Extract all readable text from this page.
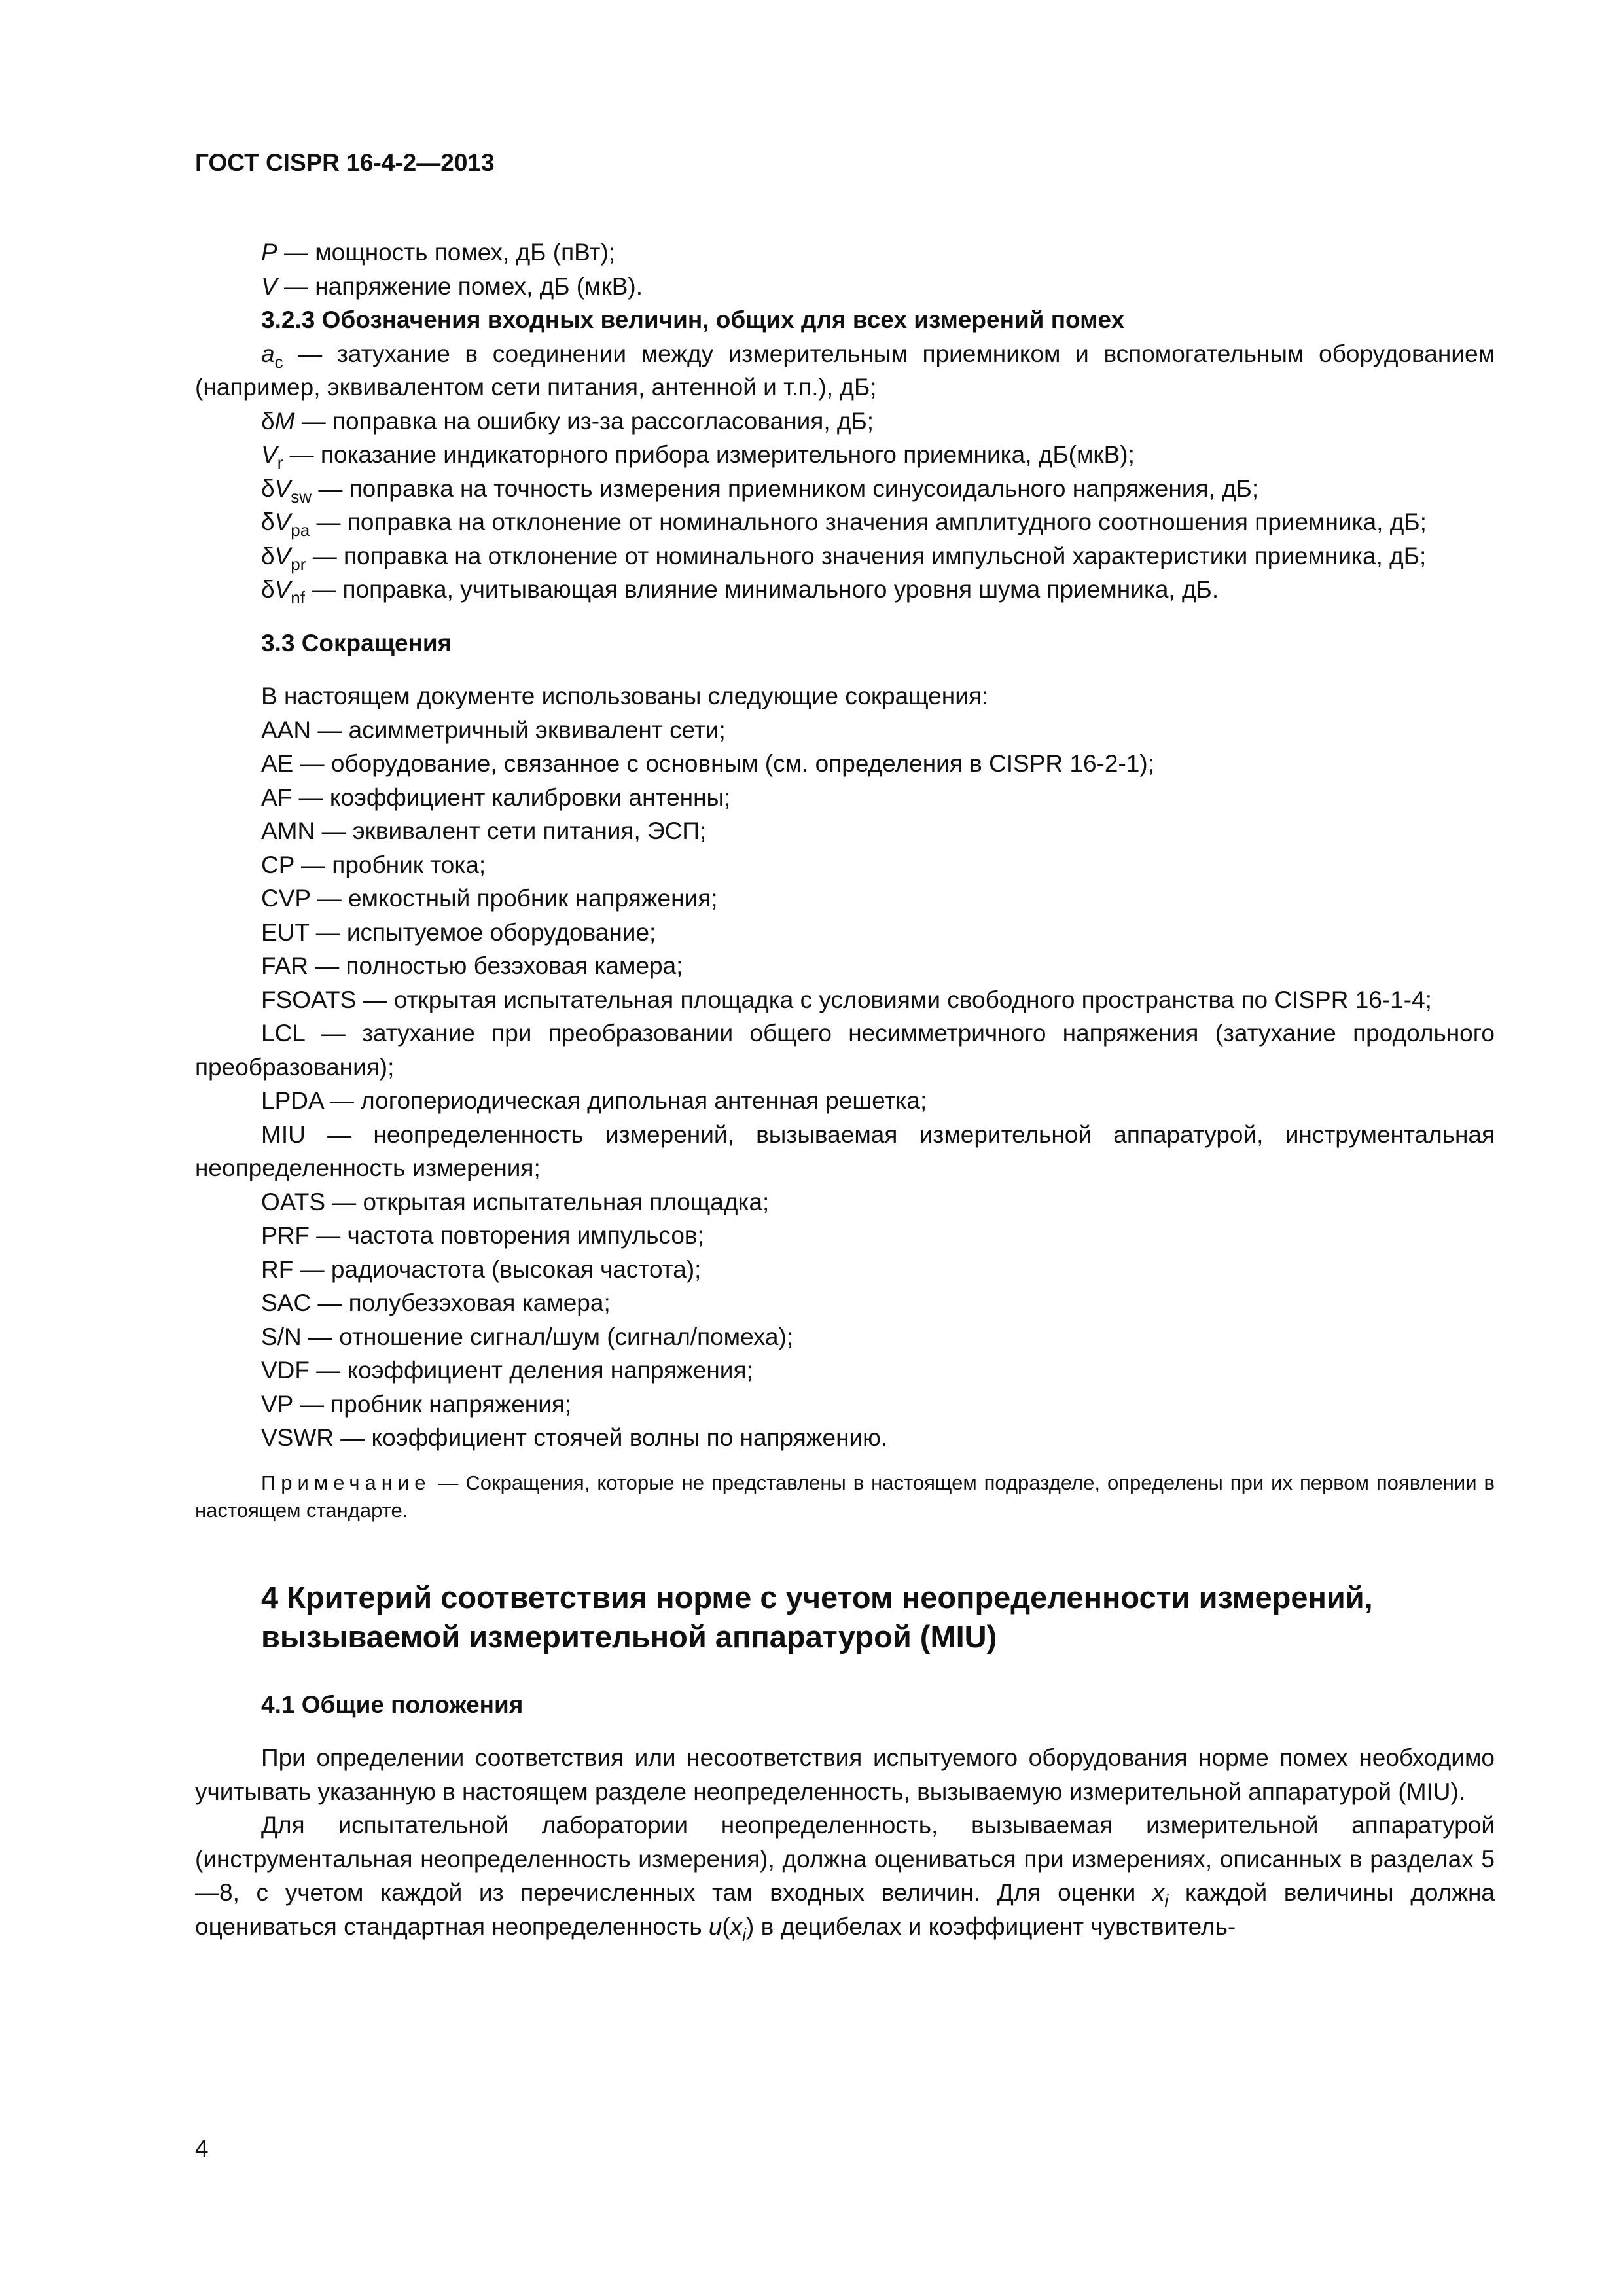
ГОСТ CISPR 16-4-2—2013

P — мощность помех, дБ (пВт);

V — напряжение помех, дБ (мкВ).

3.2.3 Обозначения входных величин, общих для всех измерений помех

$a_c$ — затухание в соединении между измерительным приемником и вспомогательным оборудованием (например, эквивалентом сети питания, антенной и т.п.), дБ;

δM — поправка на ошибку из-за рассогласования, дБ;

$V_r$ — показание индикаторного прибора измерительного приемника, дБ(мкВ);

$\delta V_{sw}$ — поправка на точность измерения приемником синусоидального напряжения, дБ;

$\delta V_{pa}$ — поправка на отклонение от номинального значения амплитудного соотношения приемника, дБ;

$\delta V_{pr}$ — поправка на отклонение от номинального значения импульсной характеристики приемника, дБ;

$\delta V_{nf}$ — поправка, учитывающая влияние минимального уровня шума приемника, дБ.

3.3 Сокращения

В настоящем документе использованы следующие сокращения:

AAN — асимметричный эквивалент сети;

AE — оборудование, связанное с основным (см. определения в CISPR 16-2-1);

AF — коэффициент калибровки антенны;

AMN — эквивалент сети питания, ЭСП;

CP — пробник тока;

CVP — емкостный пробник напряжения;

EUT — испытуемое оборудование;

FAR — полностью безэховая камера;

FSOATS — открытая испытательная площадка с условиями свободного пространства по CISPR 16-1-4;

LCL — затухание при преобразовании общего несимметричного напряжения (затухание продольного преобразования);

LPDA — логопериодическая дипольная антенная решетка;

MIU — неопределенность измерений, вызываемая измерительной аппаратурой, инструментальная неопределенность измерения;

OATS — открытая испытательная площадка;

PRF — частота повторения импульсов;

RF — радиочастота (высокая частота);

SAC — полубезэховая камера;

S/N — отношение сигнал/шум (сигнал/помеха);

VDF — коэффициент деления напряжения;

VP — пробник напряжения;

VSWR — коэффициент стоячей волны по напряжению.

Примечание — Сокращения, которые не представлены в настоящем подразделе, определены при их первом появлении в настоящем стандарте.

4 Критерий соответствия норме с учетом неопределенности измерений, вызываемой измерительной аппаратурой (MIU)

4.1 Общие положения

При определении соответствия или несоответствия испытуемого оборудования норме помех необходимо учитывать указанную в настоящем разделе неопределенность, вызываемую измерительной аппаратурой (MIU).

Для испытательной лаборатории неопределенность, вызываемая измерительной аппаратурой (инструментальная неопределенность измерения), должна оцениваться при измерениях, описанных в разделах 5—8, с учетом каждой из перечисленных там входных величин. Для оценки $x_i$ каждой величины должна оцениваться стандартная неопределенность $u(x_i)$ в децибелах и коэффициент чувствитель-

4
